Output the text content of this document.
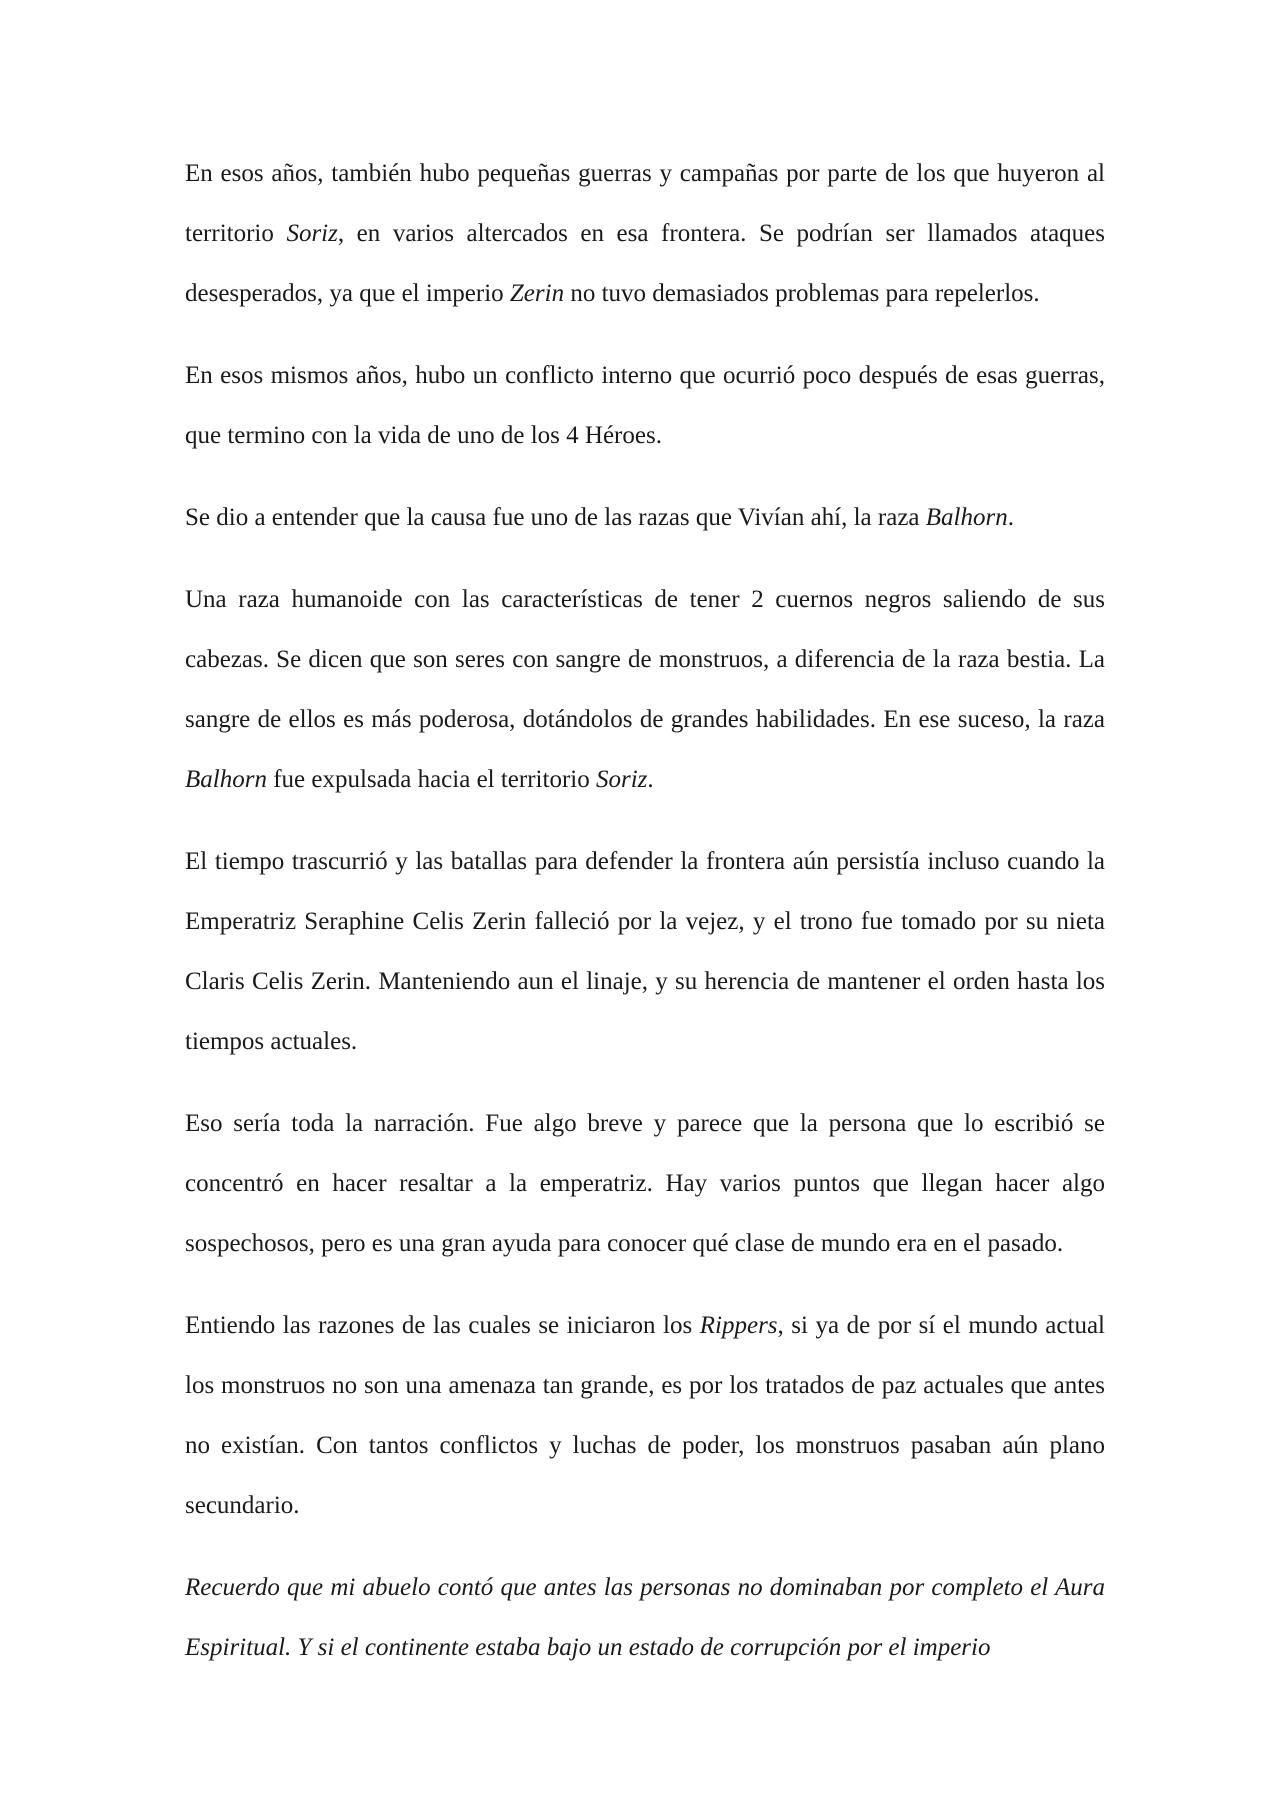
En esos años, también hubo pequeñas guerras y campañas por parte de los que huyeron al territorio Soriz, en varios altercados en esa frontera. Se podrían ser llamados ataques desesperados, ya que el imperio Zerin no tuvo demasiados problemas para repelerlos.

En esos mismos años, hubo un conflicto interno que ocurrió poco después de esas guerras, que termino con la vida de uno de los 4 Héroes.

Se dio a entender que la causa fue uno de las razas que Vivían ahí, la raza Balhorn.

Una raza humanoide con las características de tener 2 cuernos negros saliendo de sus cabezas. Se dicen que son seres con sangre de monstruos, a diferencia de la raza bestia. La sangre de ellos es más poderosa, dotándolos de grandes habilidades. En ese suceso, la raza Balhorn fue expulsada hacia el territorio Soriz.

El tiempo trascurrió y las batallas para defender la frontera aún persistía incluso cuando la Emperatriz Seraphine Celis Zerin falleció por la vejez, y el trono fue tomado por su nieta Claris Celis Zerin. Manteniendo aun el linaje, y su herencia de mantener el orden hasta los tiempos actuales.

Eso sería toda la narración. Fue algo breve y parece que la persona que lo escribió se concentró en hacer resaltar a la emperatriz. Hay varios puntos que llegan hacer algo sospechosos, pero es una gran ayuda para conocer qué clase de mundo era en el pasado.

Entiendo las razones de las cuales se iniciaron los Rippers, si ya de por sí el mundo actual los monstruos no son una amenaza tan grande, es por los tratados de paz actuales que antes no existían. Con tantos conflictos y luchas de poder, los monstruos pasaban aún plano secundario.

Recuerdo que mi abuelo contó que antes las personas no dominaban por completo el Aura Espiritual. Y si el continente estaba bajo un estado de corrupción por el imperio
